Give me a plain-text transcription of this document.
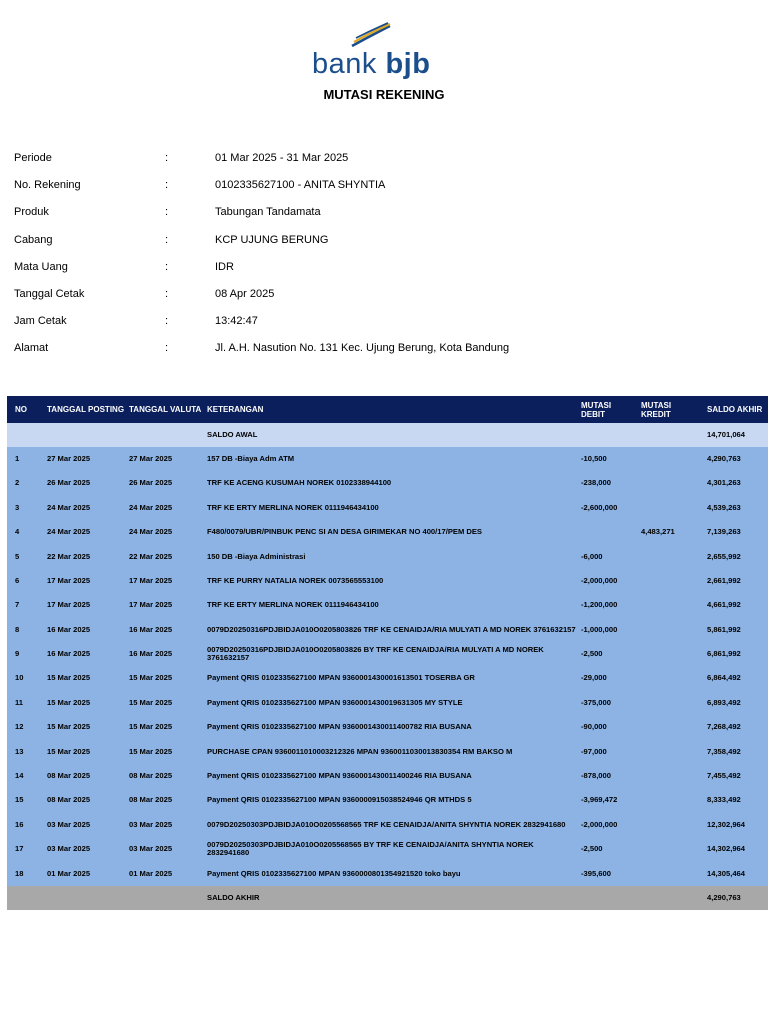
bank bjb
MUTASI REKENING
Periode	:	01 Mar 2025 - 31 Mar 2025
No. Rekening	:	0102335627100 - ANITA SHYNTIA
Produk	:	Tabungan Tandamata
Cabang	:	KCP UJUNG BERUNG
Mata Uang	:	IDR
Tanggal Cetak	:	08 Apr 2025
Jam Cetak	:	13:42:47
Alamat	:	Jl. A.H. Nasution No. 131 Kec. Ujung Berung, Kota Bandung
NO	TANGGAL POSTING	TANGGAL VALUTA	KETERANGAN	MUTASI DEBIT	MUTASI KREDIT	SALDO AKHIR
			SALDO AWAL			14,701,064
1	27 Mar 2025	27 Mar 2025	157 DB -Biaya Adm ATM	-10,500		4,290,763
2	26 Mar 2025	26 Mar 2025	TRF KE ACENG KUSUMAH NOREK 0102338944100	-238,000		4,301,263
3	24 Mar 2025	24 Mar 2025	TRF KE ERTY MERLINA NOREK 0111946434100	-2,600,000		4,539,263
4	24 Mar 2025	24 Mar 2025	F480/0079/UBR/PINBUK PENC SI AN DESA GIRIMEKAR NO 400/17/PEM DES		4,483,271	7,139,263
5	22 Mar 2025	22 Mar 2025	150 DB -Biaya Administrasi	-6,000		2,655,992
6	17 Mar 2025	17 Mar 2025	TRF KE PURRY NATALIA NOREK 0073565553100	-2,000,000		2,661,992
7	17 Mar 2025	17 Mar 2025	TRF KE ERTY MERLINA NOREK 0111946434100	-1,200,000		4,661,992
8	16 Mar 2025	16 Mar 2025	0079D20250316PDJBIDJA010O0205803826 TRF KE CENAIDJA/RIA MULYATI A MD NOREK 3761632157	-1,000,000		5,861,992
9	16 Mar 2025	16 Mar 2025	0079D20250316PDJBIDJA010O0205803826 BY TRF KE CENAIDJA/RIA MULYATI A MD NOREK 3761632157	-2,500		6,861,992
10	15 Mar 2025	15 Mar 2025	Payment QRIS 0102335627100 MPAN 9360001430001613501 TOSERBA GR	-29,000		6,864,492
11	15 Mar 2025	15 Mar 2025	Payment QRIS 0102335627100 MPAN 9360001430019631305 MY STYLE	-375,000		6,893,492
12	15 Mar 2025	15 Mar 2025	Payment QRIS 0102335627100 MPAN 9360001430011400782 RIA BUSANA	-90,000		7,268,492
13	15 Mar 2025	15 Mar 2025	PURCHASE CPAN 9360011010003212326 MPAN 9360011030013830354 RM BAKSO M	-97,000		7,358,492
14	08 Mar 2025	08 Mar 2025	Payment QRIS 0102335627100 MPAN 9360001430011400246 RIA BUSANA	-878,000		7,455,492
15	08 Mar 2025	08 Mar 2025	Payment QRIS 0102335627100 MPAN 9360000915038524946 QR MTHDS 5	-3,969,472		8,333,492
16	03 Mar 2025	03 Mar 2025	0079D20250303PDJBIDJA010O0205568565 TRF KE CENAIDJA/ANITA SHYNTIA NOREK 2832941680	-2,000,000		12,302,964
17	03 Mar 2025	03 Mar 2025	0079D20250303PDJBIDJA010O0205568565 BY TRF KE CENAIDJA/ANITA SHYNTIA NOREK 2832941680	-2,500		14,302,964
18	01 Mar 2025	01 Mar 2025	Payment QRIS 0102335627100 MPAN 9360000801354921520 toko bayu	-395,600		14,305,464
			SALDO AKHIR			4,290,763
